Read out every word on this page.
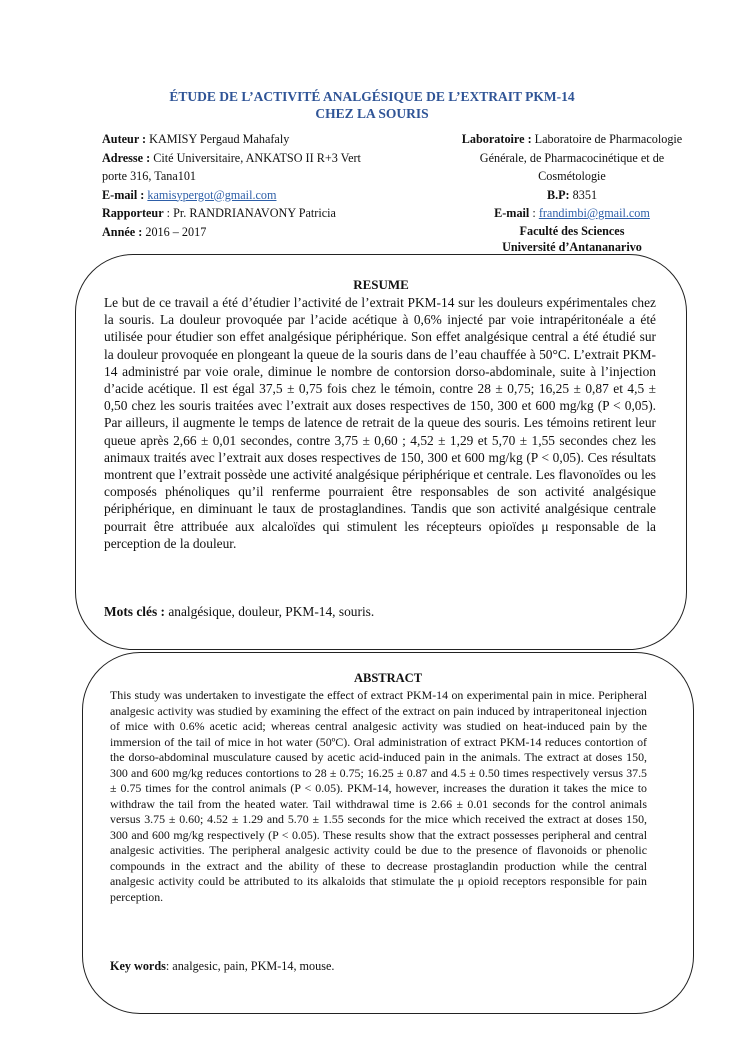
ÉTUDE DE L’ACTIVITÉ ANALGÉSIQUE DE L’EXTRAIT PKM-14
CHEZ LA SOURIS
Auteur : KAMISY Pergaud Mahafaly
Adresse : Cité Universitaire, ANKATSO II R+3 Vert
porte 316, Tana101
E-mail : kamisypergot@gmail.com
Rapporteur : Pr. RANDRIANAVONY Patricia
Année : 2016 – 2017
Laboratoire : Laboratoire de Pharmacologie
Générale, de Pharmacocinétique et de
Cosmétologie
B.P: 8351
E-mail : frandimbi@gmail.com
Faculté des Sciences
Université d’Antananarivo
RESUME
Le but de ce travail a été d’étudier l’activité de l’extrait PKM-14 sur les douleurs expérimentales chez la souris. La douleur provoquée par l’acide acétique à 0,6% injecté par voie intrapéritonéale a été utilisée pour étudier son effet analgésique périphérique. Son effet analgésique central a été étudié sur la douleur provoquée en plongeant la queue de la souris dans de l’eau chauffée à 50°C. L’extrait PKM-14 administré par voie orale, diminue le nombre de contorsion dorso-abdominale, suite à l’injection d’acide acétique. Il est égal 37,5 ± 0,75 fois chez le témoin, contre 28 ± 0,75; 16,25 ± 0,87 et 4,5 ± 0,50 chez les souris traitées avec l’extrait aux doses respectives de 150, 300 et 600 mg/kg (P < 0,05). Par ailleurs, il augmente le temps de latence de retrait de la queue des souris. Les témoins retirent leur queue après 2,66 ± 0,01 secondes, contre 3,75 ± 0,60 ; 4,52 ± 1,29 et 5,70 ± 1,55 secondes chez les animaux traités avec l’extrait aux doses respectives de 150, 300 et 600 mg/kg (P < 0,05). Ces résultats montrent que l’extrait possède une activité analgésique périphérique et centrale. Les flavonoïdes ou les composés phénoliques qu’il renferme pourraient être responsables de son activité analgésique périphérique, en diminuant le taux de prostaglandines. Tandis que son activité analgésique centrale pourrait être attribuée aux alcaloïdes qui stimulent les récepteurs opioïdes μ responsable de la perception de la douleur.
Mots clés : analgésique, douleur, PKM-14, souris.
ABSTRACT
This study was undertaken to investigate the effect of extract PKM-14 on experimental pain in mice. Peripheral analgesic activity was studied by examining the effect of the extract on pain induced by intraperitoneal injection of mice with 0.6% acetic acid; whereas central analgesic activity was studied on heat-induced pain by the immersion of the tail of mice in hot water (50ºC). Oral administration of extract PKM-14 reduces contortion of the dorso-abdominal musculature caused by acetic acid-induced pain in the animals. The extract at doses 150, 300 and 600 mg/kg reduces contortions to 28 ± 0.75; 16.25 ± 0.87 and 4.5 ± 0.50 times respectively versus 37.5 ± 0.75 times for the control animals (P < 0.05). PKM-14, however, increases the duration it takes the mice to withdraw the tail from the heated water. Tail withdrawal time is 2.66 ± 0.01 seconds for the control animals versus 3.75 ± 0.60; 4.52 ± 1.29 and 5.70 ± 1.55 seconds for the mice which received the extract at doses 150, 300 and 600 mg/kg respectively (P < 0.05). These results show that the extract possesses peripheral and central analgesic activities. The peripheral analgesic activity could be due to the presence of flavonoids or phenolic compounds in the extract and the ability of these to decrease prostaglandin production while the central analgesic activity could be attributed to its alkaloids that stimulate the μ opioid receptors responsible for pain perception.
Key words: analgesic, pain, PKM-14, mouse.
